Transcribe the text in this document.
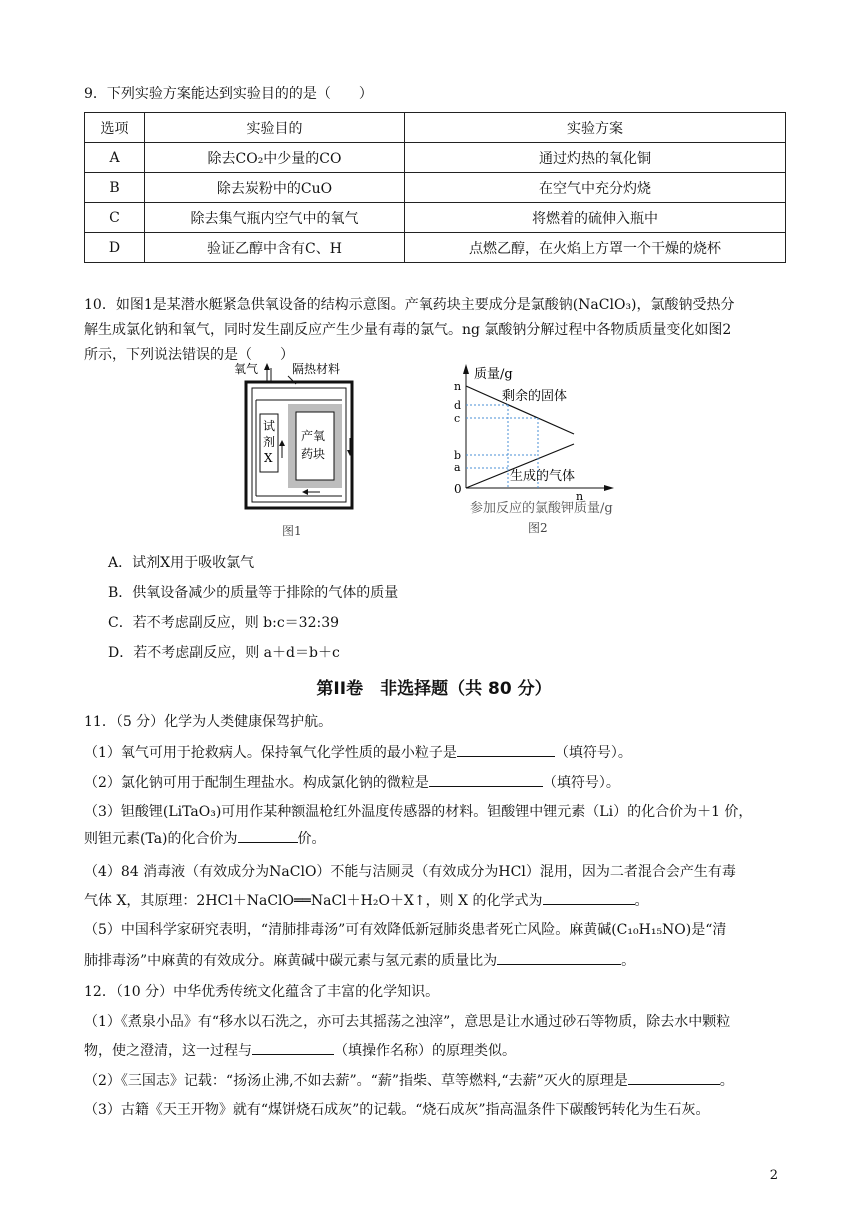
9．下列实验方案能达到实验目的的是（　　）
选项	实验目的	实验方案
A	除去CO₂中少量的CO	通过灼热的氧化铜
B	除去炭粉中的CuO	在空气中充分灼烧
C	除去集气瓶内空气中的氧气	将燃着的硫伸入瓶中
D	验证乙醇中含有C、H	点燃乙醇，在火焰上方罩一个干燥的烧杯
10．如图1是某潜水艇紧急供氧设备的结构示意图。产氧药块主要成分是氯酸钠(NaClO₃)，氯酸钠受热分
解生成氯化钠和氧气，同时发生副反应产生少量有毒的氯气。ng 氯酸钠分解过程中各物质质量变化如图2
所示，下列说法错误的是（　　）
氧气	隔热材料
试
剂
X
产氧
药块
图1
质量/g
0
n
d
c
b
a
n
剩余的固体
生成的气体
参加反应的氯酸钾质量/g
图2
A．试剂X用于吸收氯气
B．供氧设备减少的质量等于排除的气体的质量
C．若不考虑副反应，则 b:c＝32:39
D．若不考虑副反应，则 a＋d＝b＋c
第II卷　非选择题（共 80 分）
11．（5 分）化学为人类健康保驾护航。
（1）氧气可用于抢救病人。保持氧气化学性质的最小粒子是	（填符号）。
（2）氯化钠可用于配制生理盐水。构成氯化钠的微粒是	（填符号）。
（3）钽酸锂(LiTaO₃)可用作某种额温枪红外温度传感器的材料。钽酸锂中锂元素（Li）的化合价为＋1 价，
则钽元素(Ta)的化合价为	价。
（4）84 消毒液（有效成分为NaClO）不能与洁厕灵（有效成分为HCl）混用，因为二者混合会产生有毒
气体 X，其原理：2HCl＋NaClO══NaCl＋H₂O＋X↑，则 X 的化学式为	。
（5）中国科学家研究表明，“清肺排毒汤”可有效降低新冠肺炎患者死亡风险。麻黄碱(C₁₀H₁₅NO)是“清
肺排毒汤”中麻黄的有效成分。麻黄碱中碳元素与氢元素的质量比为	。
12．（10 分）中华优秀传统文化蕴含了丰富的化学知识。
（1）《煮泉小品》有“移水以石洗之，亦可去其摇荡之浊滓”，意思是让水通过砂石等物质，除去水中颗粒
物，使之澄清，这一过程与	（填操作名称）的原理类似。
（2）《三国志》记载：“扬汤止沸,不如去薪”。“薪”指柴、草等燃料,“去薪”灭火的原理是	。
（3）古籍《天王开物》就有“煤饼烧石成灰”的记载。“烧石成灰”指高温条件下碳酸钙转化为生石灰。
2
